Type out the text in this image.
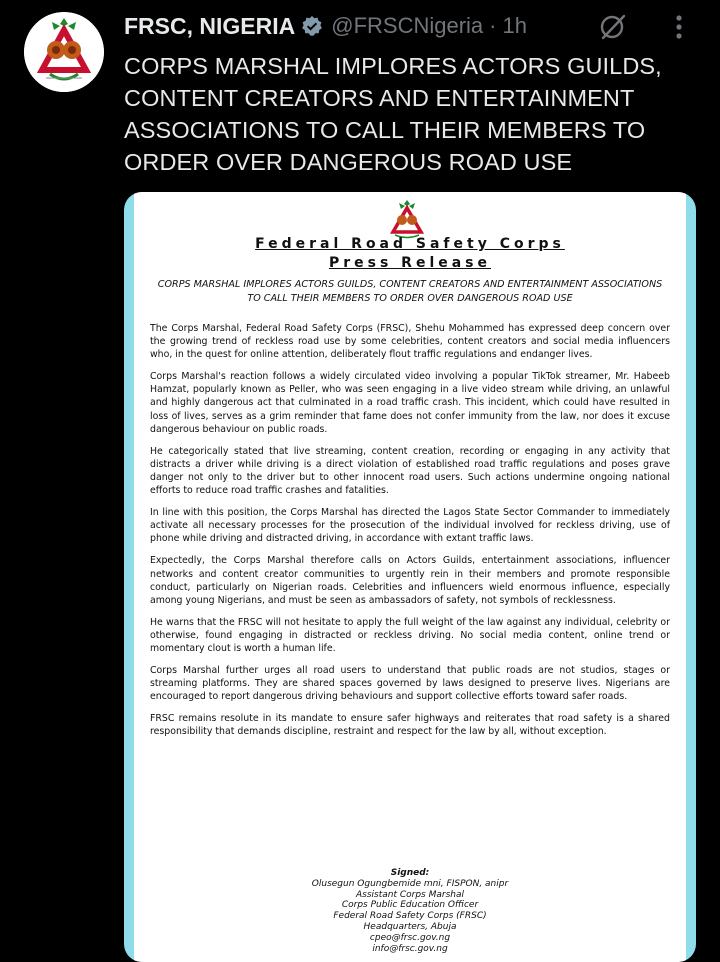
FRSC, NIGERIA @FRSCNigeria · 1h
CORPS MARSHAL IMPLORES ACTORS GUILDS, CONTENT CREATORS AND ENTERTAINMENT ASSOCIATIONS TO CALL THEIR MEMBERS TO ORDER OVER DANGEROUS ROAD USE
Federal Road Safety Corps
Press Release
CORPS MARSHAL IMPLORES ACTORS GUILDS, CONTENT CREATORS AND ENTERTAINMENT ASSOCIATIONS TO CALL THEIR MEMBERS TO ORDER OVER DANGEROUS ROAD USE

The Corps Marshal, Federal Road Safety Corps (FRSC), Shehu Mohammed has expressed deep concern over the growing trend of reckless road use by some celebrities, content creators and social media influencers who, in the quest for online attention, deliberately flout traffic regulations and endanger lives.

Corps Marshal's reaction follows a widely circulated video involving a popular TikTok streamer, Mr. Habeeb Hamzat, popularly known as Peller, who was seen engaging in a live video stream while driving, an unlawful and highly dangerous act that culminated in a road traffic crash. This incident, which could have resulted in loss of lives, serves as a grim reminder that fame does not confer immunity from the law, nor does it excuse dangerous behaviour on public roads.

He categorically stated that live streaming, content creation, recording or engaging in any activity that distracts a driver while driving is a direct violation of established road traffic regulations and poses grave danger not only to the driver but to other innocent road users. Such actions undermine ongoing national efforts to reduce road traffic crashes and fatalities.

In line with this position, the Corps Marshal has directed the Lagos State Sector Commander to immediately activate all necessary processes for the prosecution of the individual involved for reckless driving, use of phone while driving and distracted driving, in accordance with extant traffic laws.

Expectedly, the Corps Marshal therefore calls on Actors Guilds, entertainment associations, influencer networks and content creator communities to urgently rein in their members and promote responsible conduct, particularly on Nigerian roads. Celebrities and influencers wield enormous influence, especially among young Nigerians, and must be seen as ambassadors of safety, not symbols of recklessness.

He warns that the FRSC will not hesitate to apply the full weight of the law against any individual, celebrity or otherwise, found engaging in distracted or reckless driving. No social media content, online trend or momentary clout is worth a human life.

Corps Marshal further urges all road users to understand that public roads are not studios, stages or streaming platforms. They are shared spaces governed by laws designed to preserve lives. Nigerians are encouraged to report dangerous driving behaviours and support collective efforts toward safer roads.

FRSC remains resolute in its mandate to ensure safer highways and reiterates that road safety is a shared responsibility that demands discipline, restraint and respect for the law by all, without exception.

Signed:
Olusegun Ogungbemide mni, FISPON, anipr
Assistant Corps Marshal
Corps Public Education Officer
Federal Road Safety Corps (FRSC)
Headquarters, Abuja
cpeo@frsc.gov.ng
info@frsc.gov.ng
